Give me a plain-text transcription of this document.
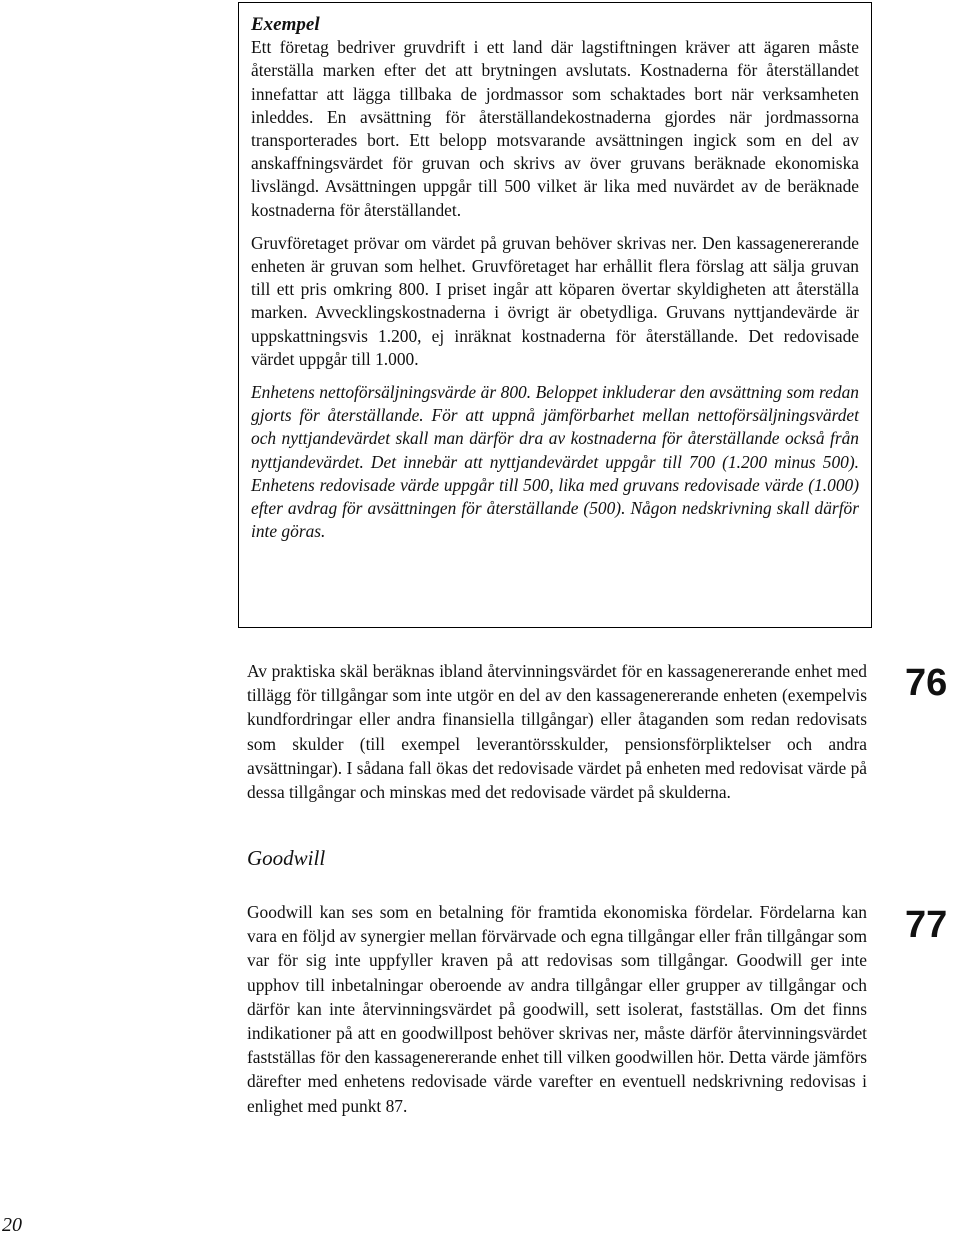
Exempel

Ett företag bedriver gruvdrift i ett land där lagstiftningen kräver att ägaren måste återställa marken efter det att brytningen avslutats. Kostnaderna för återställandet innefattar att lägga tillbaka de jordmassor som schaktades bort när verksamheten inleddes. En avsättning för återställandekostnaderna gjordes när jordmassorna transporterades bort. Ett belopp motsvarande avsättningen ingick som en del av anskaffningsvärdet för gruvan och skrivs av över gruvans beräknade ekonomiska livslängd. Avsättningen uppgår till 500 vilket är lika med nuvärdet av de beräknade kostnaderna för återställandet.

Gruvföretaget prövar om värdet på gruvan behöver skrivas ner. Den kassagenererande enheten är gruvan som helhet. Gruvföretaget har erhållit flera förslag att sälja gruvan till ett pris omkring 800. I priset ingår att köparen övertar skyldigheten att återställa marken. Avvecklingskostnaderna i övrigt är obetydliga. Gruvans nyttjandevärde är uppskattningsvis 1.200, ej inräknat kostnaderna för återställande. Det redovisade värdet uppgår till 1.000.

Enhetens nettoförsäljningsvärde är 800. Beloppet inkluderar den avsättning som redan gjorts för återställande. För att uppnå jämförbarhet mellan nettoförsäljningsvärdet och nyttjandevärdet skall man därför dra av kostnaderna för återställande också från nyttjandevärdet. Det innebär att nyttjandevärdet uppgår till 700 (1.200 minus 500). Enhetens redovisade värde uppgår till 500, lika med gruvans redovisade värde (1.000) efter avdrag för avsättningen för återställande (500). Någon nedskrivning skall därför inte göras.

76

Av praktiska skäl beräknas ibland återvinningsvärdet för en kassagenererande enhet med tillägg för tillgångar som inte utgör en del av den kassagenererande enheten (exempelvis kundfordringar eller andra finansiella tillgångar) eller åtaganden som redan redovisats som skulder (till exempel leverantörsskulder, pensionsförpliktelser och andra avsättningar). I sådana fall ökas det redovisade värdet på enheten med redovisat värde på dessa tillgångar och minskas med det redovisade värdet på skulderna.

Goodwill
77

Goodwill kan ses som en betalning för framtida ekonomiska fördelar. Fördelarna kan vara en följd av synergier mellan förvärvade och egna tillgångar eller från tillgångar som var för sig inte uppfyller kraven på att redovisas som tillgångar. Goodwill ger inte upphov till inbetalningar oberoende av andra tillgångar eller grupper av tillgångar och därför kan inte återvinningsvärdet på goodwill, sett isolerat, fastställas. Om det finns indikationer på att en goodwillpost behöver skrivas ner, måste därför återvinningsvärdet fastställas för den kassagenererande enhet till vilken goodwillen hör. Detta värde jämförs därefter med enhetens redovisade värde varefter en eventuell nedskrivning redovisas i enlighet med punkt 87.

20
